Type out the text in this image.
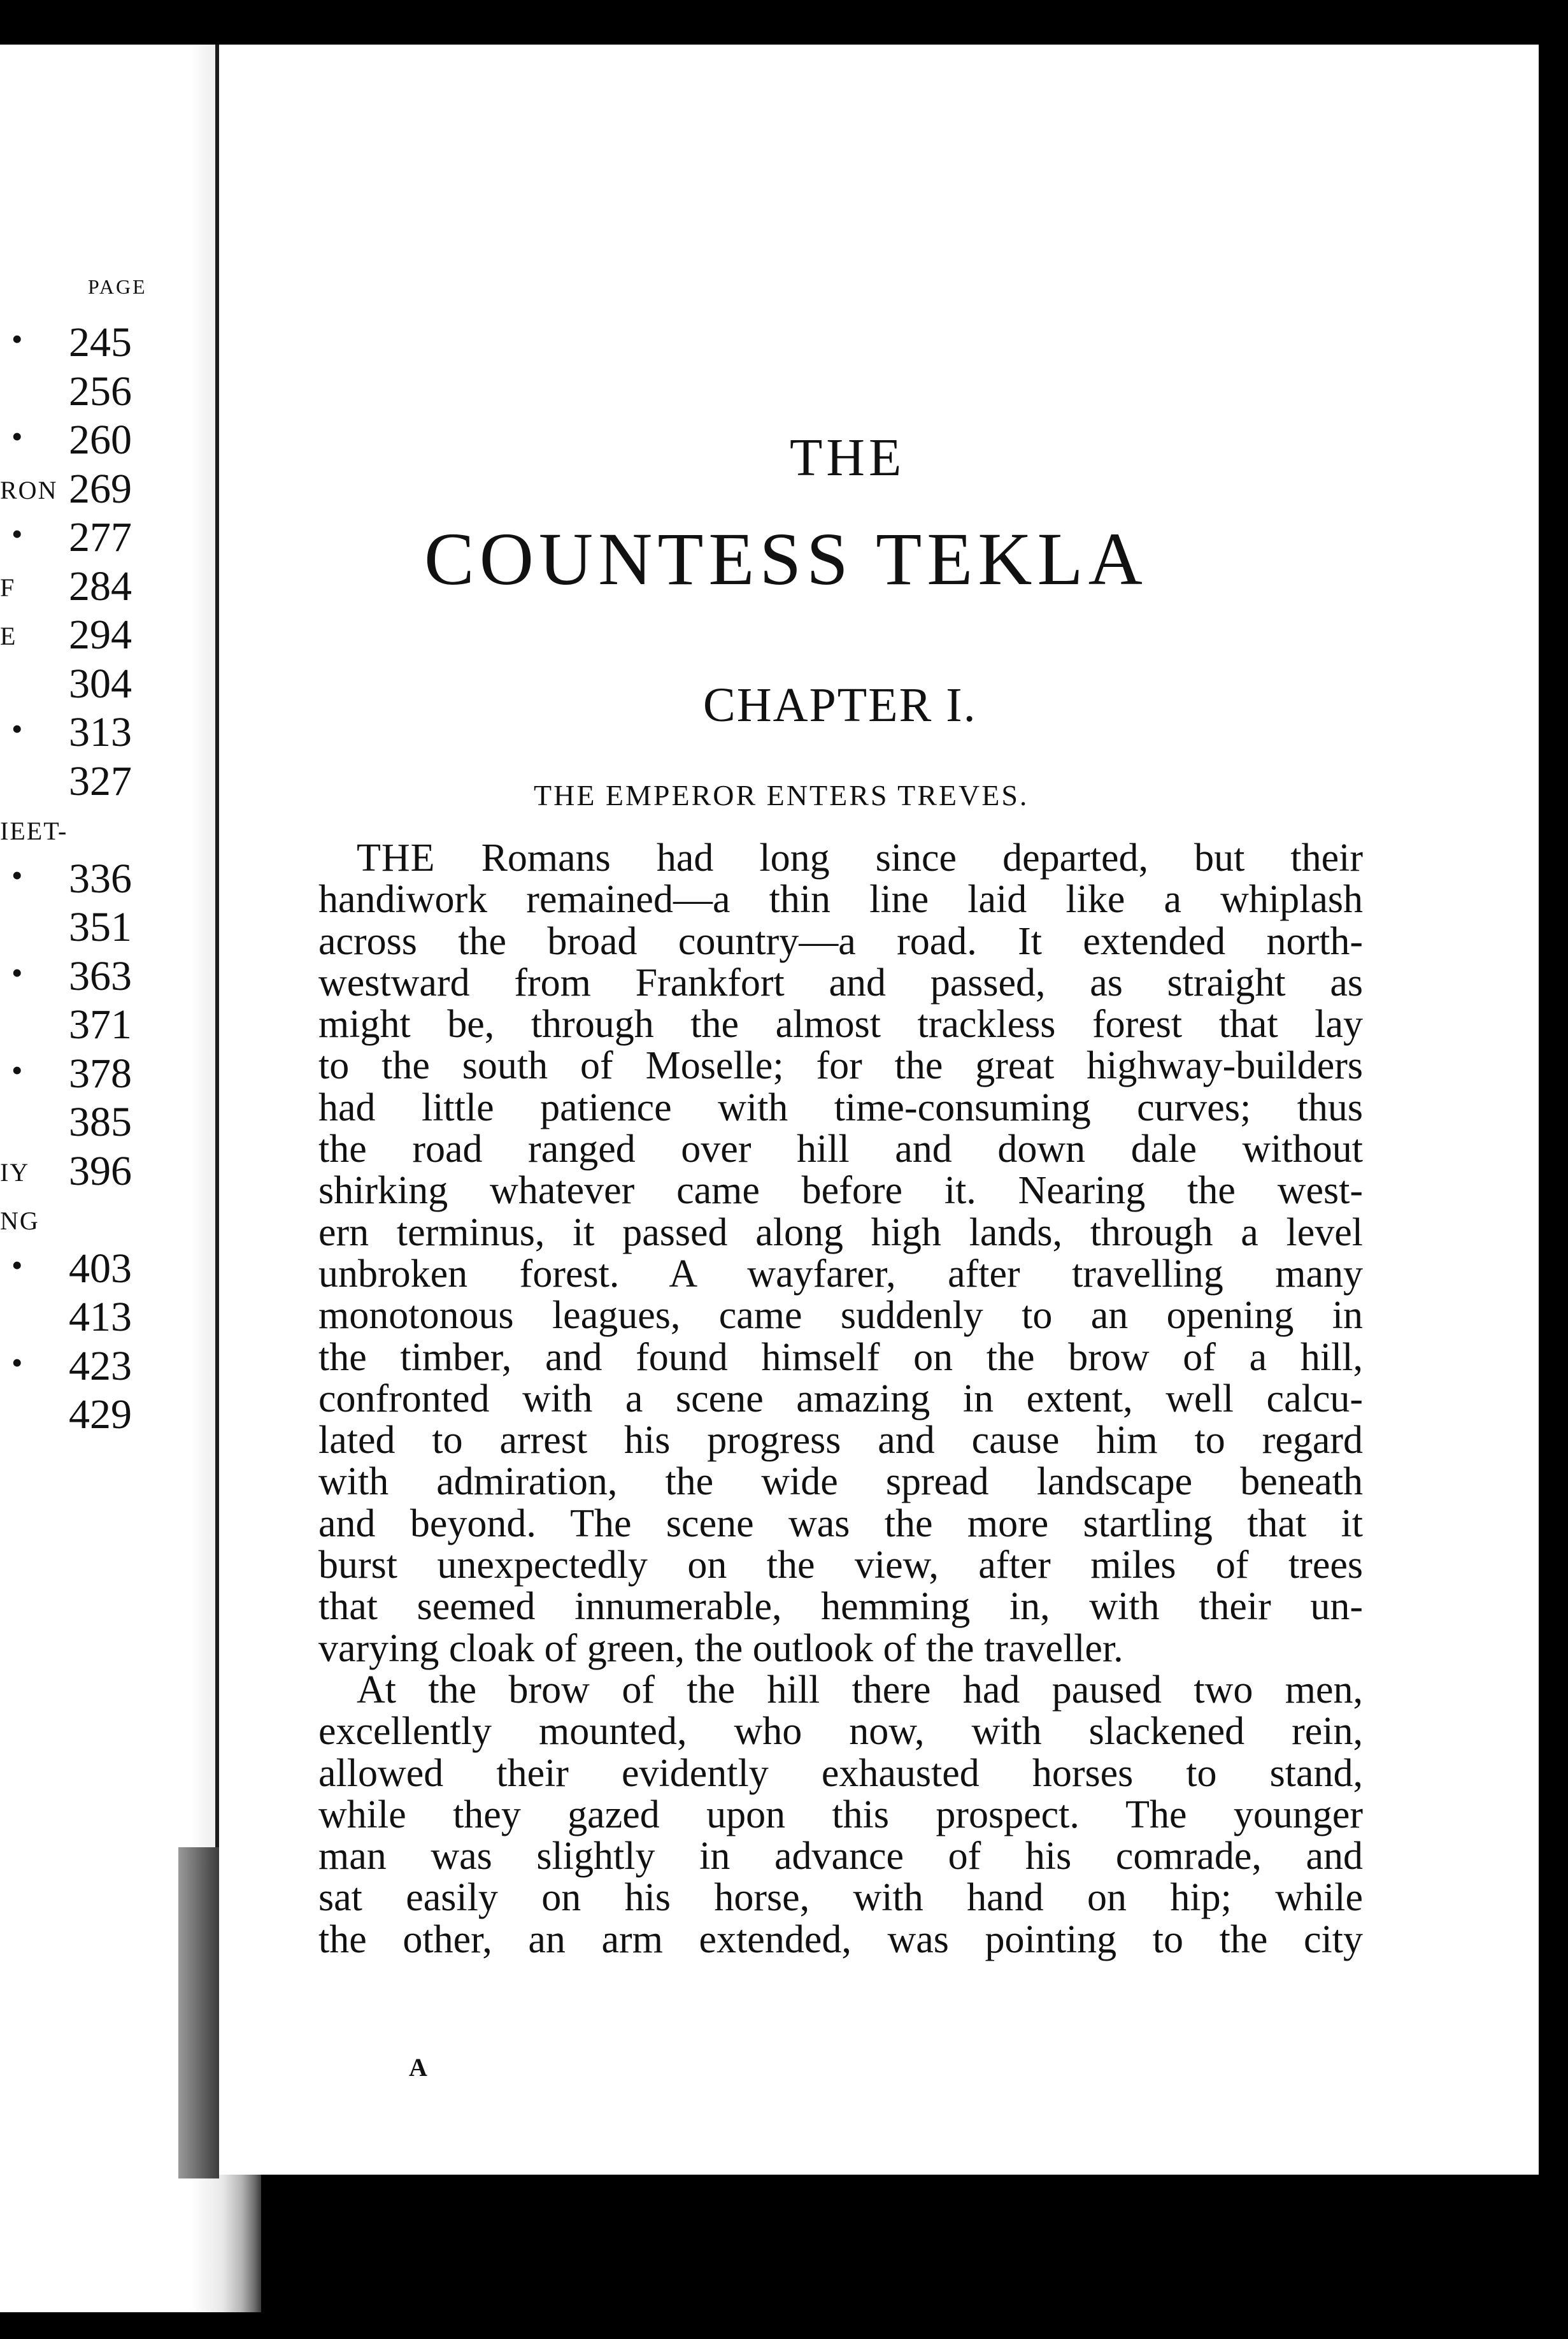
PAGE
• 245
256
• 260
RON 269
• 277
F 284
E 294
304
• 313
327
IEET-
• 336
351
• 363
371
• 378
385
IY 396
NG
• 403
413
• 423
429
THE
COUNTESS TEKLA
CHAPTER I.
THE EMPEROR ENTERS TREVES.
THE Romans had long since departed, but their
handiwork remained—a thin line laid like a whiplash
across the broad country—a road. It extended north-
westward from Frankfort and passed, as straight as
might be, through the almost trackless forest that lay
to the south of Moselle; for the great highway-builders
had little patience with time-consuming curves; thus
the road ranged over hill and down dale without
shirking whatever came before it. Nearing the west-
ern terminus, it passed along high lands, through a level
unbroken forest. A wayfarer, after travelling many
monotonous leagues, came suddenly to an opening in
the timber, and found himself on the brow of a hill,
confronted with a scene amazing in extent, well calcu-
lated to arrest his progress and cause him to regard
with admiration, the wide spread landscape beneath
and beyond. The scene was the more startling that it
burst unexpectedly on the view, after miles of trees
that seemed innumerable, hemming in, with their un-
varying cloak of green, the outlook of the traveller.
At the brow of the hill there had paused two men,
excellently mounted, who now, with slackened rein,
allowed their evidently exhausted horses to stand,
while they gazed upon this prospect. The younger
man was slightly in advance of his comrade, and
sat easily on his horse, with hand on hip; while
the other, an arm extended, was pointing to the city
A
